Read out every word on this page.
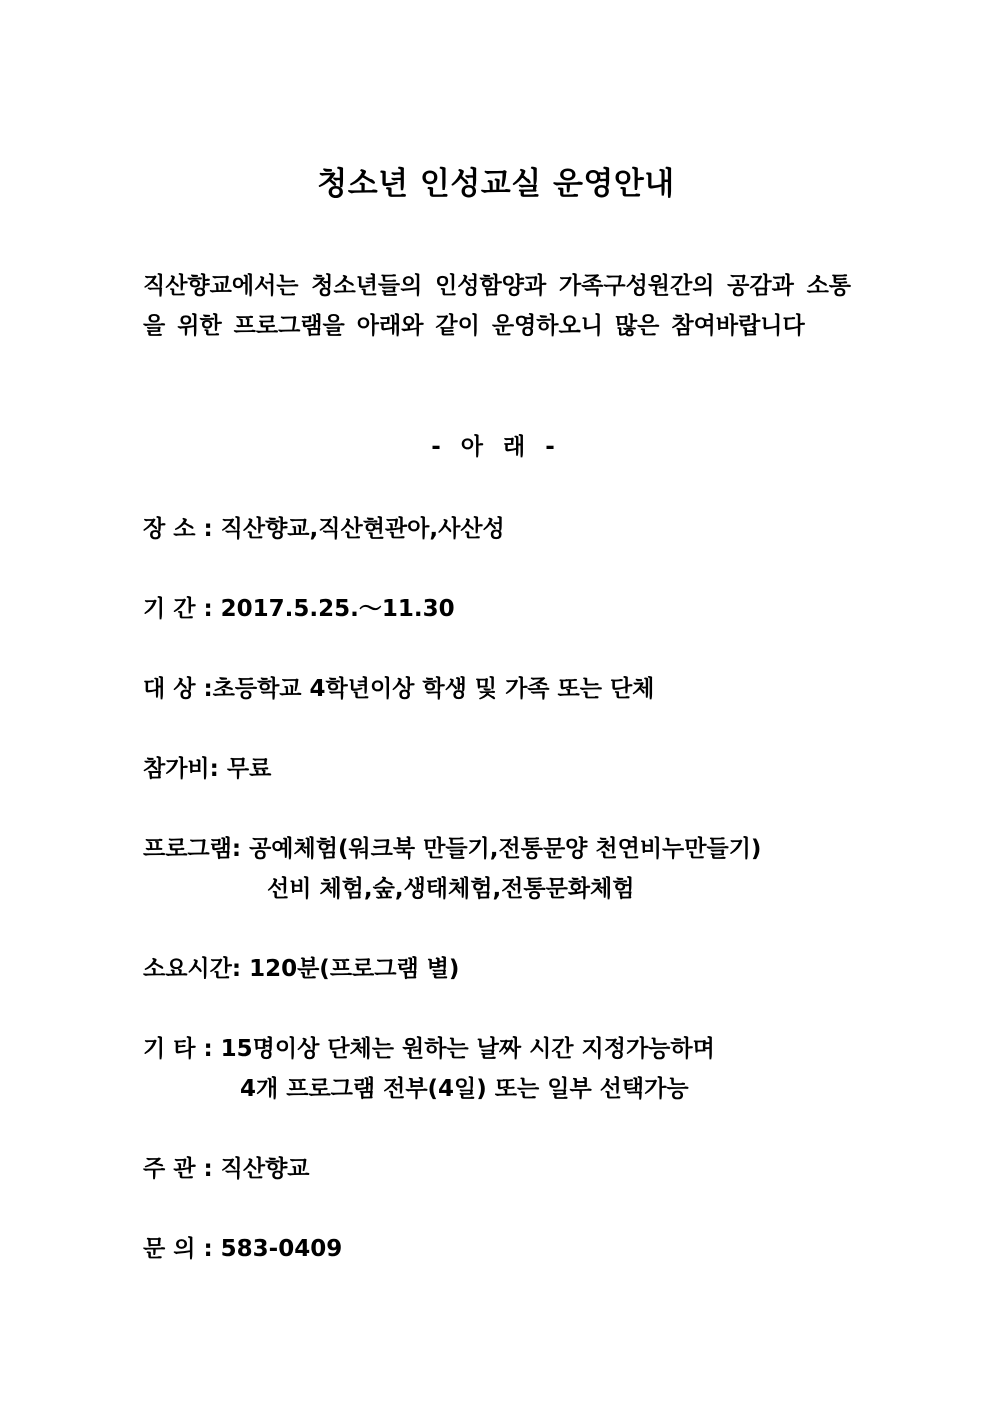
청소년 인성교실 운영안내
직산향교에서는 청소년들의 인성함양과 가족구성원간의 공감과 소통을 위한 프로그램을 아래와 같이 운영하오니 많은 참여바랍니다
- 아 래 -
장 소 : 직산향교,직산현관아,사산성
기 간 : 2017.5.25.～11.30
대 상 :초등학교 4학년이상 학생 및 가족 또는 단체
참가비: 무료
프로그램: 공예체험(워크북 만들기,전통문양 천연비누만들기)
선비 체험,숲,생태체험,전통문화체험
소요시간: 120분(프로그램 별)
기 타 : 15명이상 단체는 원하는 날짜 시간 지정가능하며
4개 프로그램 전부(4일) 또는 일부 선택가능
주 관 : 직산향교
문 의 : 583-0409
